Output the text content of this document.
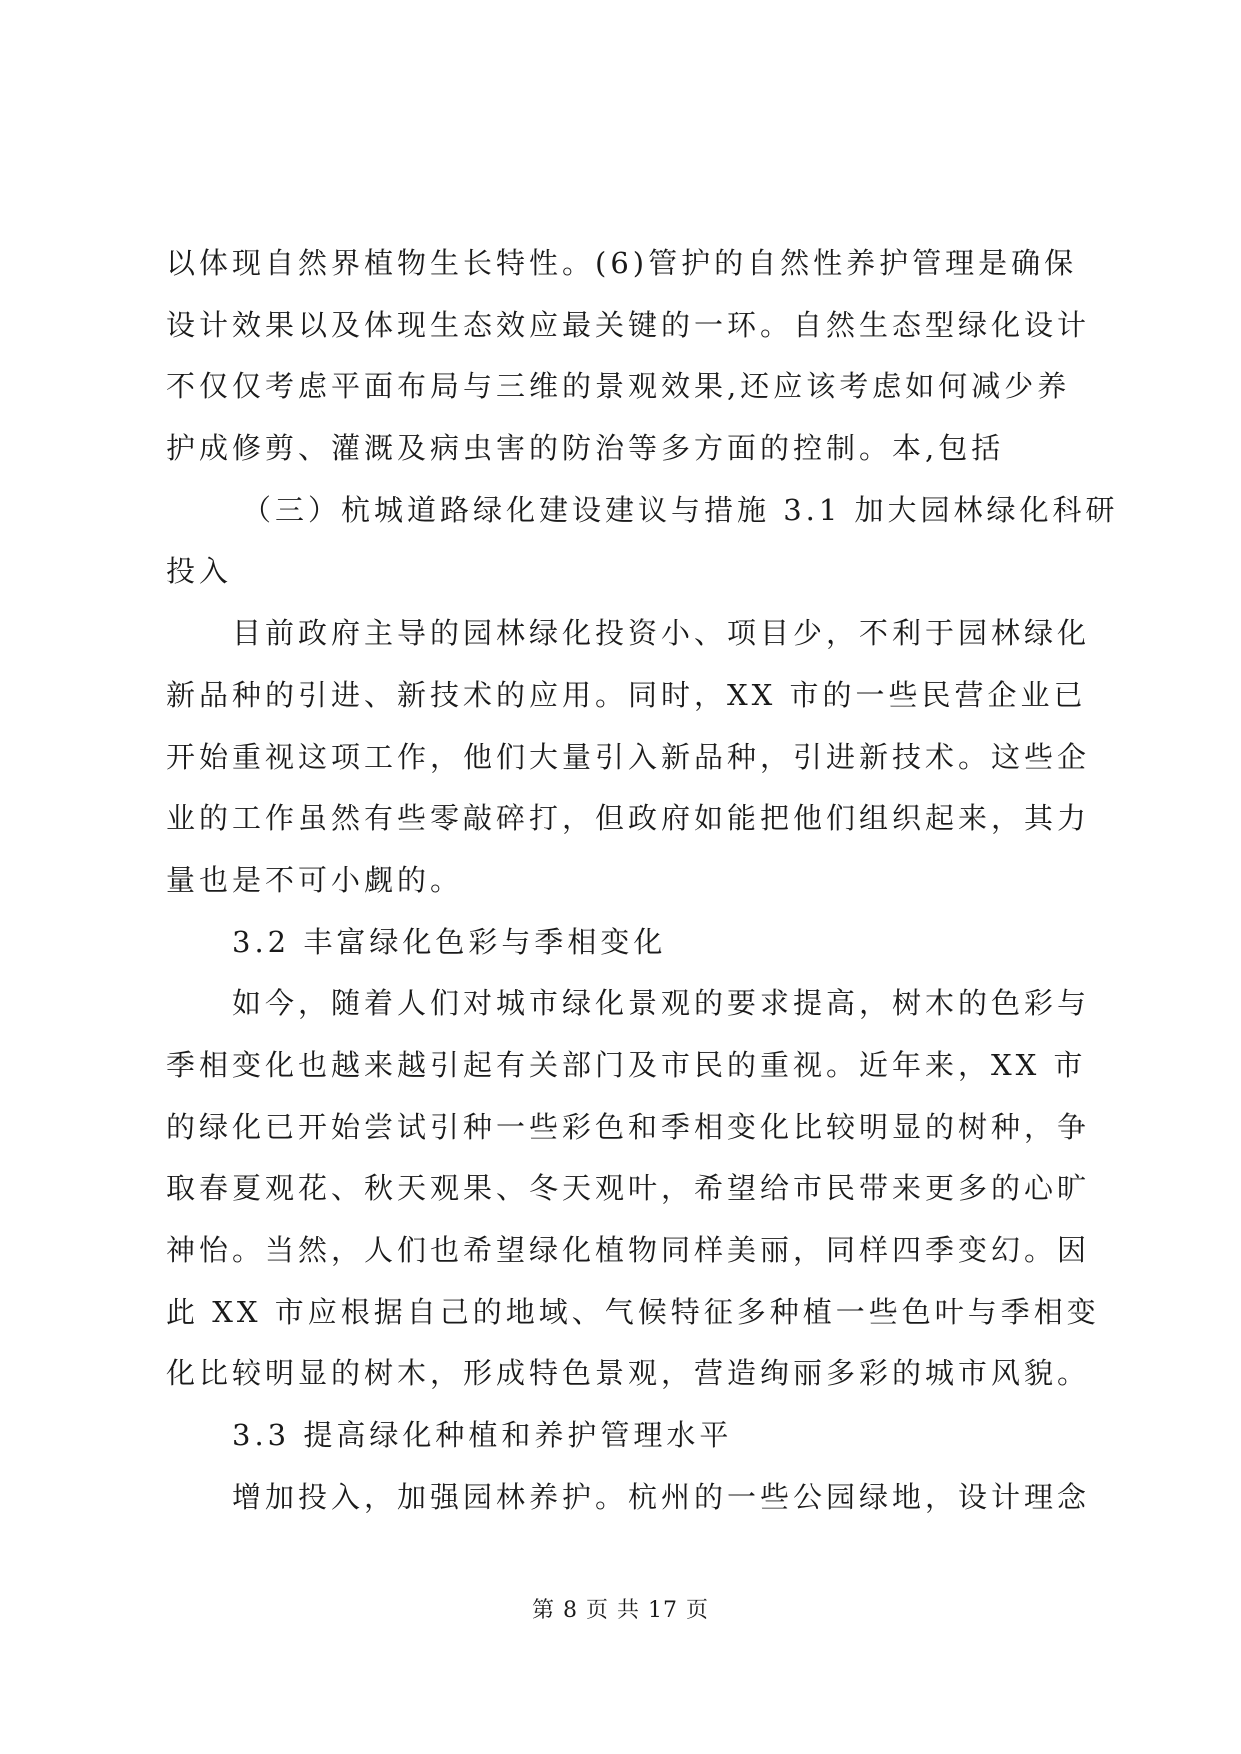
以体现自然界植物生长特性。(6)管护的自然性养护管理是确保
设计效果以及体现生态效应最关键的一环。自然生态型绿化设计
不仅仅考虑平面布局与三维的景观效果,还应该考虑如何减少养
护成修剪、灌溉及病虫害的防治等多方面的控制。本,包括
（三）杭城道路绿化建设建议与措施 3.1 加大园林绿化科研
投入
目前政府主导的园林绿化投资小、项目少，不利于园林绿化
新品种的引进、新技术的应用。同时，XX 市的一些民营企业已
开始重视这项工作，他们大量引入新品种，引进新技术。这些企
业的工作虽然有些零敲碎打，但政府如能把他们组织起来，其力
量也是不可小觑的。
3.2 丰富绿化色彩与季相变化
如今，随着人们对城市绿化景观的要求提高，树木的色彩与
季相变化也越来越引起有关部门及市民的重视。近年来，XX 市
的绿化已开始尝试引种一些彩色和季相变化比较明显的树种，争
取春夏观花、秋天观果、冬天观叶，希望给市民带来更多的心旷
神怡。当然，人们也希望绿化植物同样美丽，同样四季变幻。因
此 XX 市应根据自己的地域、气候特征多种植一些色叶与季相变
化比较明显的树木，形成特色景观，营造绚丽多彩的城市风貌。
3.3 提高绿化种植和养护管理水平
增加投入，加强园林养护。杭州的一些公园绿地，设计理念
第 8 页 共 17 页
